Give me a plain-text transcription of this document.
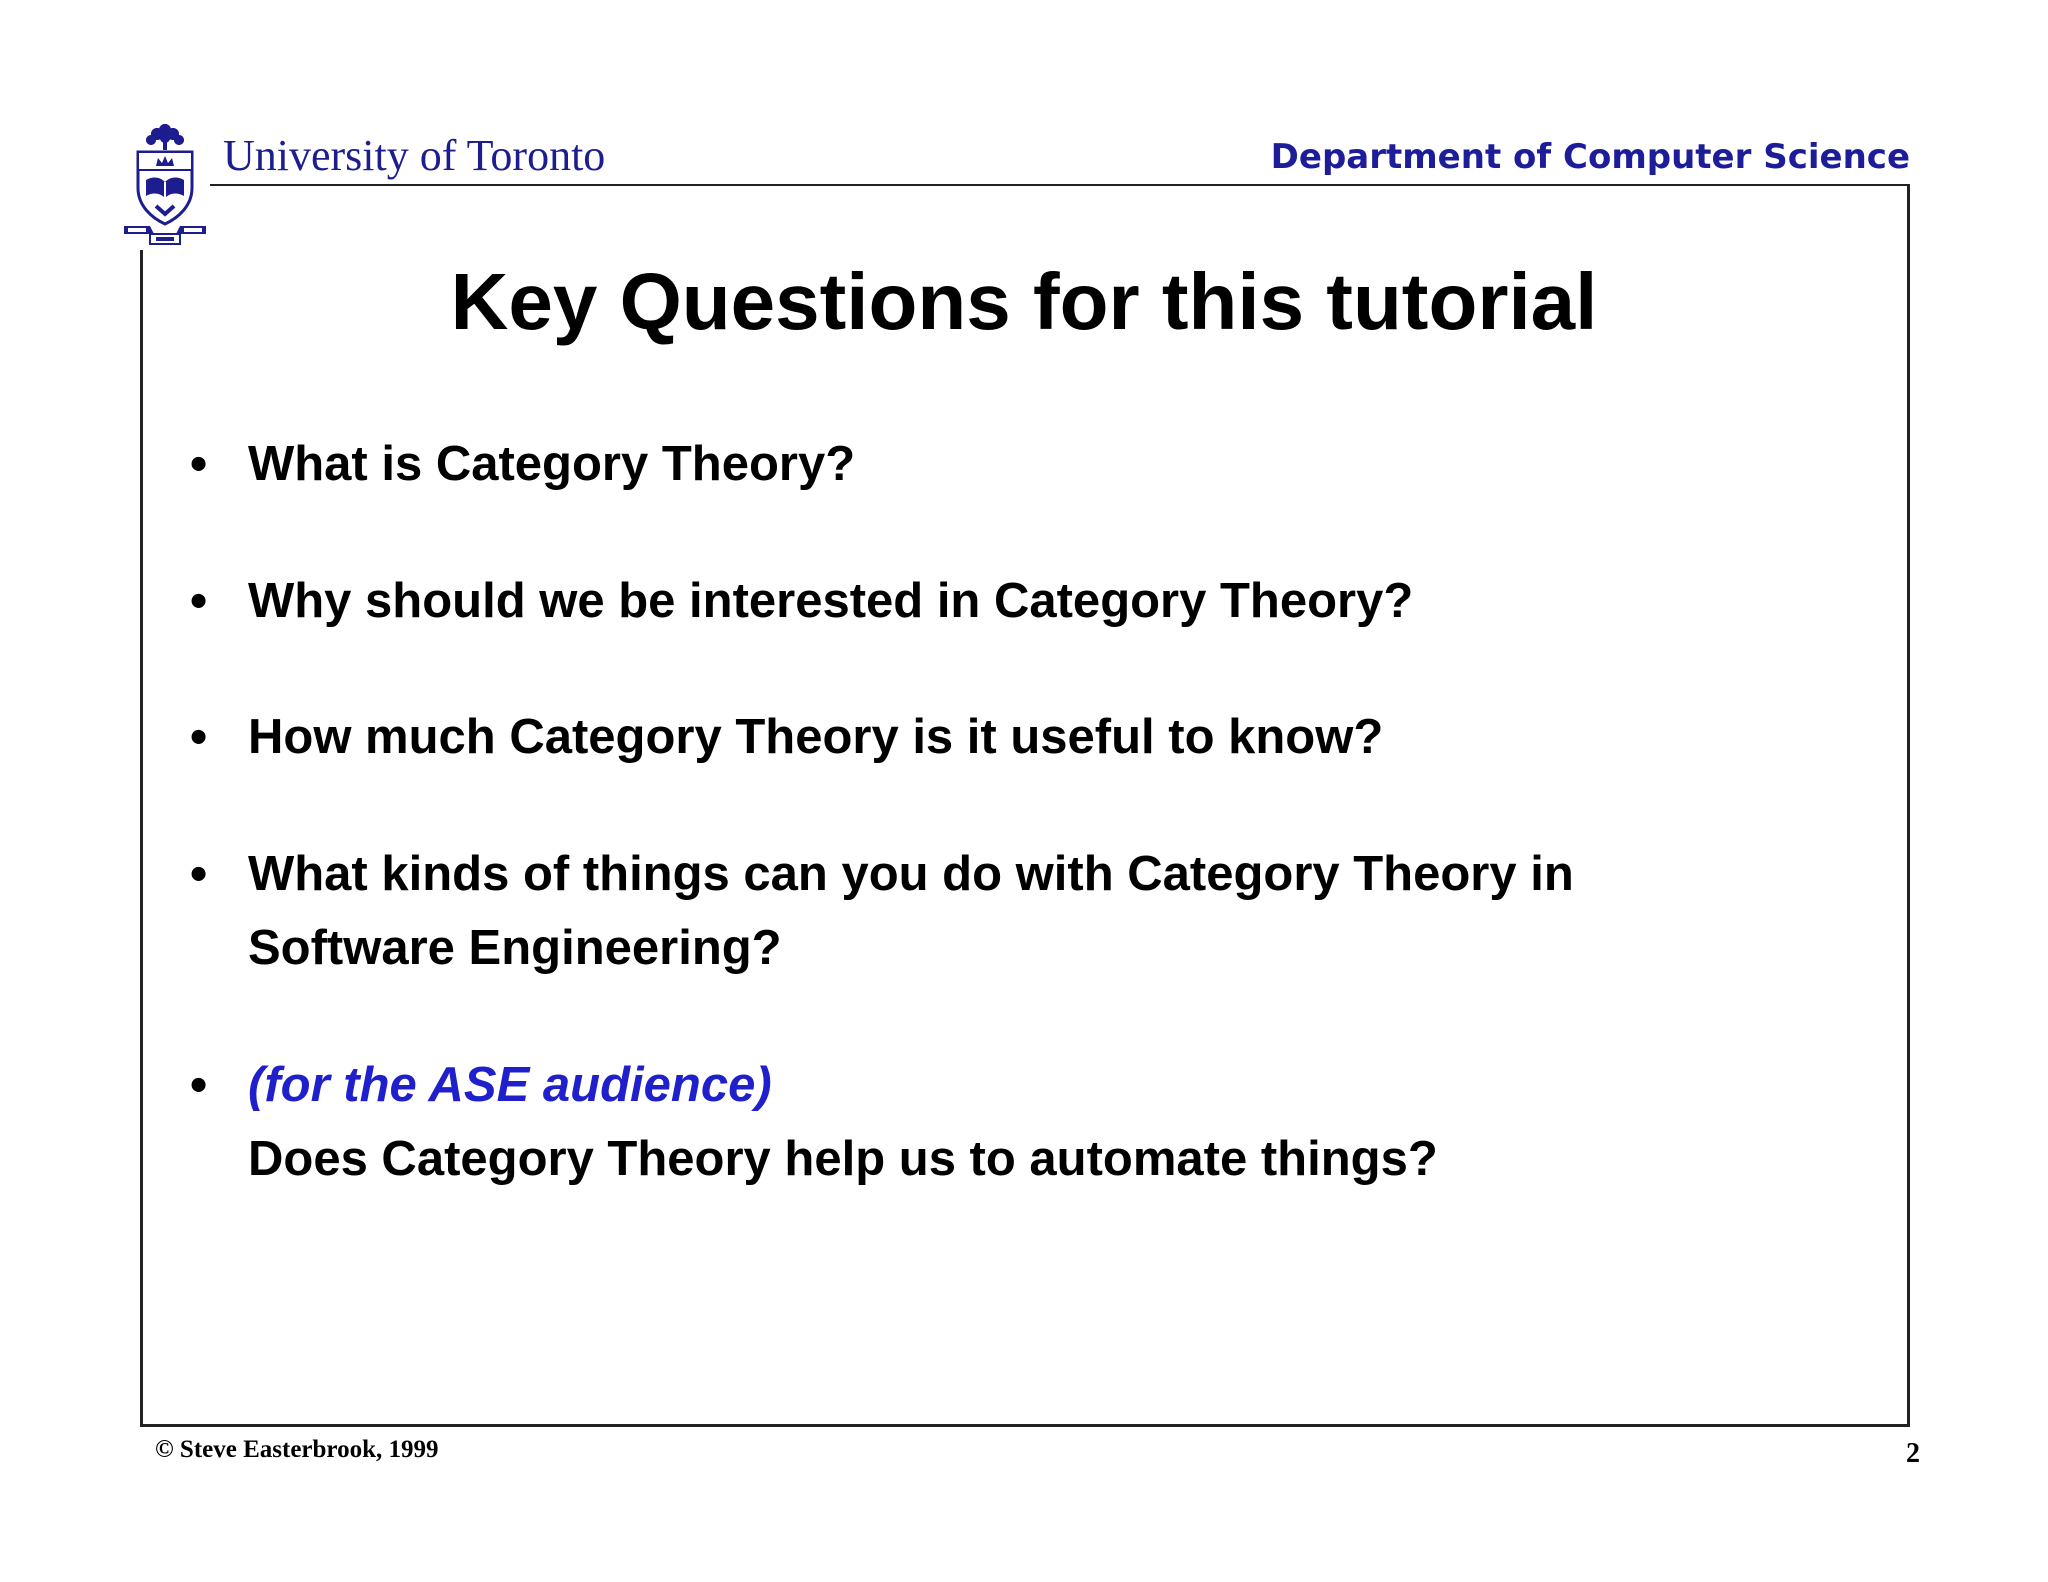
University of Toronto	Department of Computer Science
Key Questions for this tutorial
• What is Category Theory?
• Why should we be interested in Category Theory?
• How much Category Theory is it useful to know?
• What kinds of things can you do with Category Theory in
Software Engineering?
• (for the ASE audience)
Does Category Theory help us to automate things?
© Steve Easterbrook, 1999	2
